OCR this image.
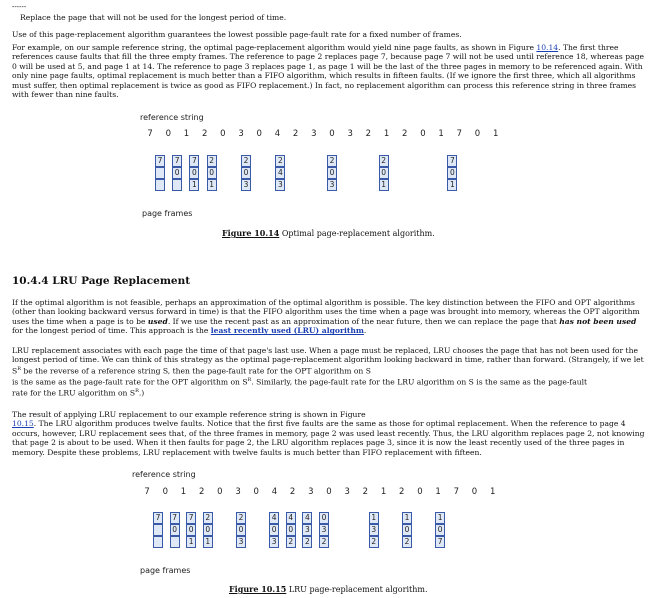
------

Replace the page that will not be used for the longest period of time.

Use of this page-replacement algorithm guarantees the lowest possible page-fault rate for a fixed number of frames.

For example, on our sample reference string, the optimal page-replacement algorithm would yield nine page faults, as shown in Figure 10.14. The first three references cause faults that fill the three empty frames. The reference to page 2 replaces page 7, because page 7 will not be used until reference 18, whereas page 0 will be used at 5, and page 1 at 14. The reference to page 3 replaces page 1, as page 1 will be the last of the three pages in memory to be referenced again. With only nine page faults, optimal replacement is much better than a FIFO algorithm, which results in fifteen faults. (If we ignore the first three, which all algorithms must suffer, then optimal replacement is twice as good as FIFO replacement.) In fact, no replacement algorithm can process this reference string in three frames with fewer than nine faults.

reference string
7 0 1 2 0 3 0 4 2 3 0 3 2 1 2 0 1 7 0 1
7	7
0
7
0
1
2
0
1
2
0
3
2
4
3
2
0
3
2
0
1
7
0
1
page frames
Figure 10.14 Optimal page-replacement algorithm.
10.4.4 LRU Page Replacement

If the optimal algorithm is not feasible, perhaps an approximation of the optimal algorithm is possible. The key distinction between the FIFO and OPT algorithms (other than looking backward versus forward in time) is that the FIFO algorithm uses the time when a page was brought into memory, whereas the OPT algorithm uses the time when a page is to be used. If we use the recent past as an approximation of the near future, then we can replace the page that has not been used for the longest period of time. This approach is the least recently used (LRU) algorithm.

LRU replacement associates with each page the time of that page's last use. When a page must be replaced, LRU chooses the page that has not been used for the longest period of time. We can think of this strategy as the optimal page-replacement algorithm looking backward in time, rather than forward. (Strangely, if we let $S^R$ be the reverse of a reference string S, then the page-fault rate for the OPT algorithm on S
is the same as the page-fault rate for the OPT algorithm on $S^R$. Similarly, the page-fault rate for the LRU algorithm on S is the same as the page-fault
rate for the LRU algorithm on $S^R$.)

The result of applying LRU replacement to our example reference string is shown in Figure
10.15. The LRU algorithm produces twelve faults. Notice that the first five faults are the same as those for optimal replacement. When the reference to page 4 occurs, however, LRU replacement sees that, of the three frames in memory, page 2 was used least recently. Thus, the LRU algorithm replaces page 2, not knowing that page 2 is about to be used. When it then faults for page 2, the LRU algorithm replaces page 3, since it is now the least recently used of the three pages in memory. Despite these problems, LRU replacement with twelve faults is much better than FIFO replacement with fifteen.

reference string
7 0 1 2 0 3 0 4 2 3 0 3 2 1 2 0 1 7 0 1
7	7
0
7
0
1
2
0
1
2
0
3
4
0
3
4
0
2
4
3
2
0
3
2
1
3
2
1
0
2
1
0
7
page frames
Figure 10.15 LRU page-replacement algorithm.
